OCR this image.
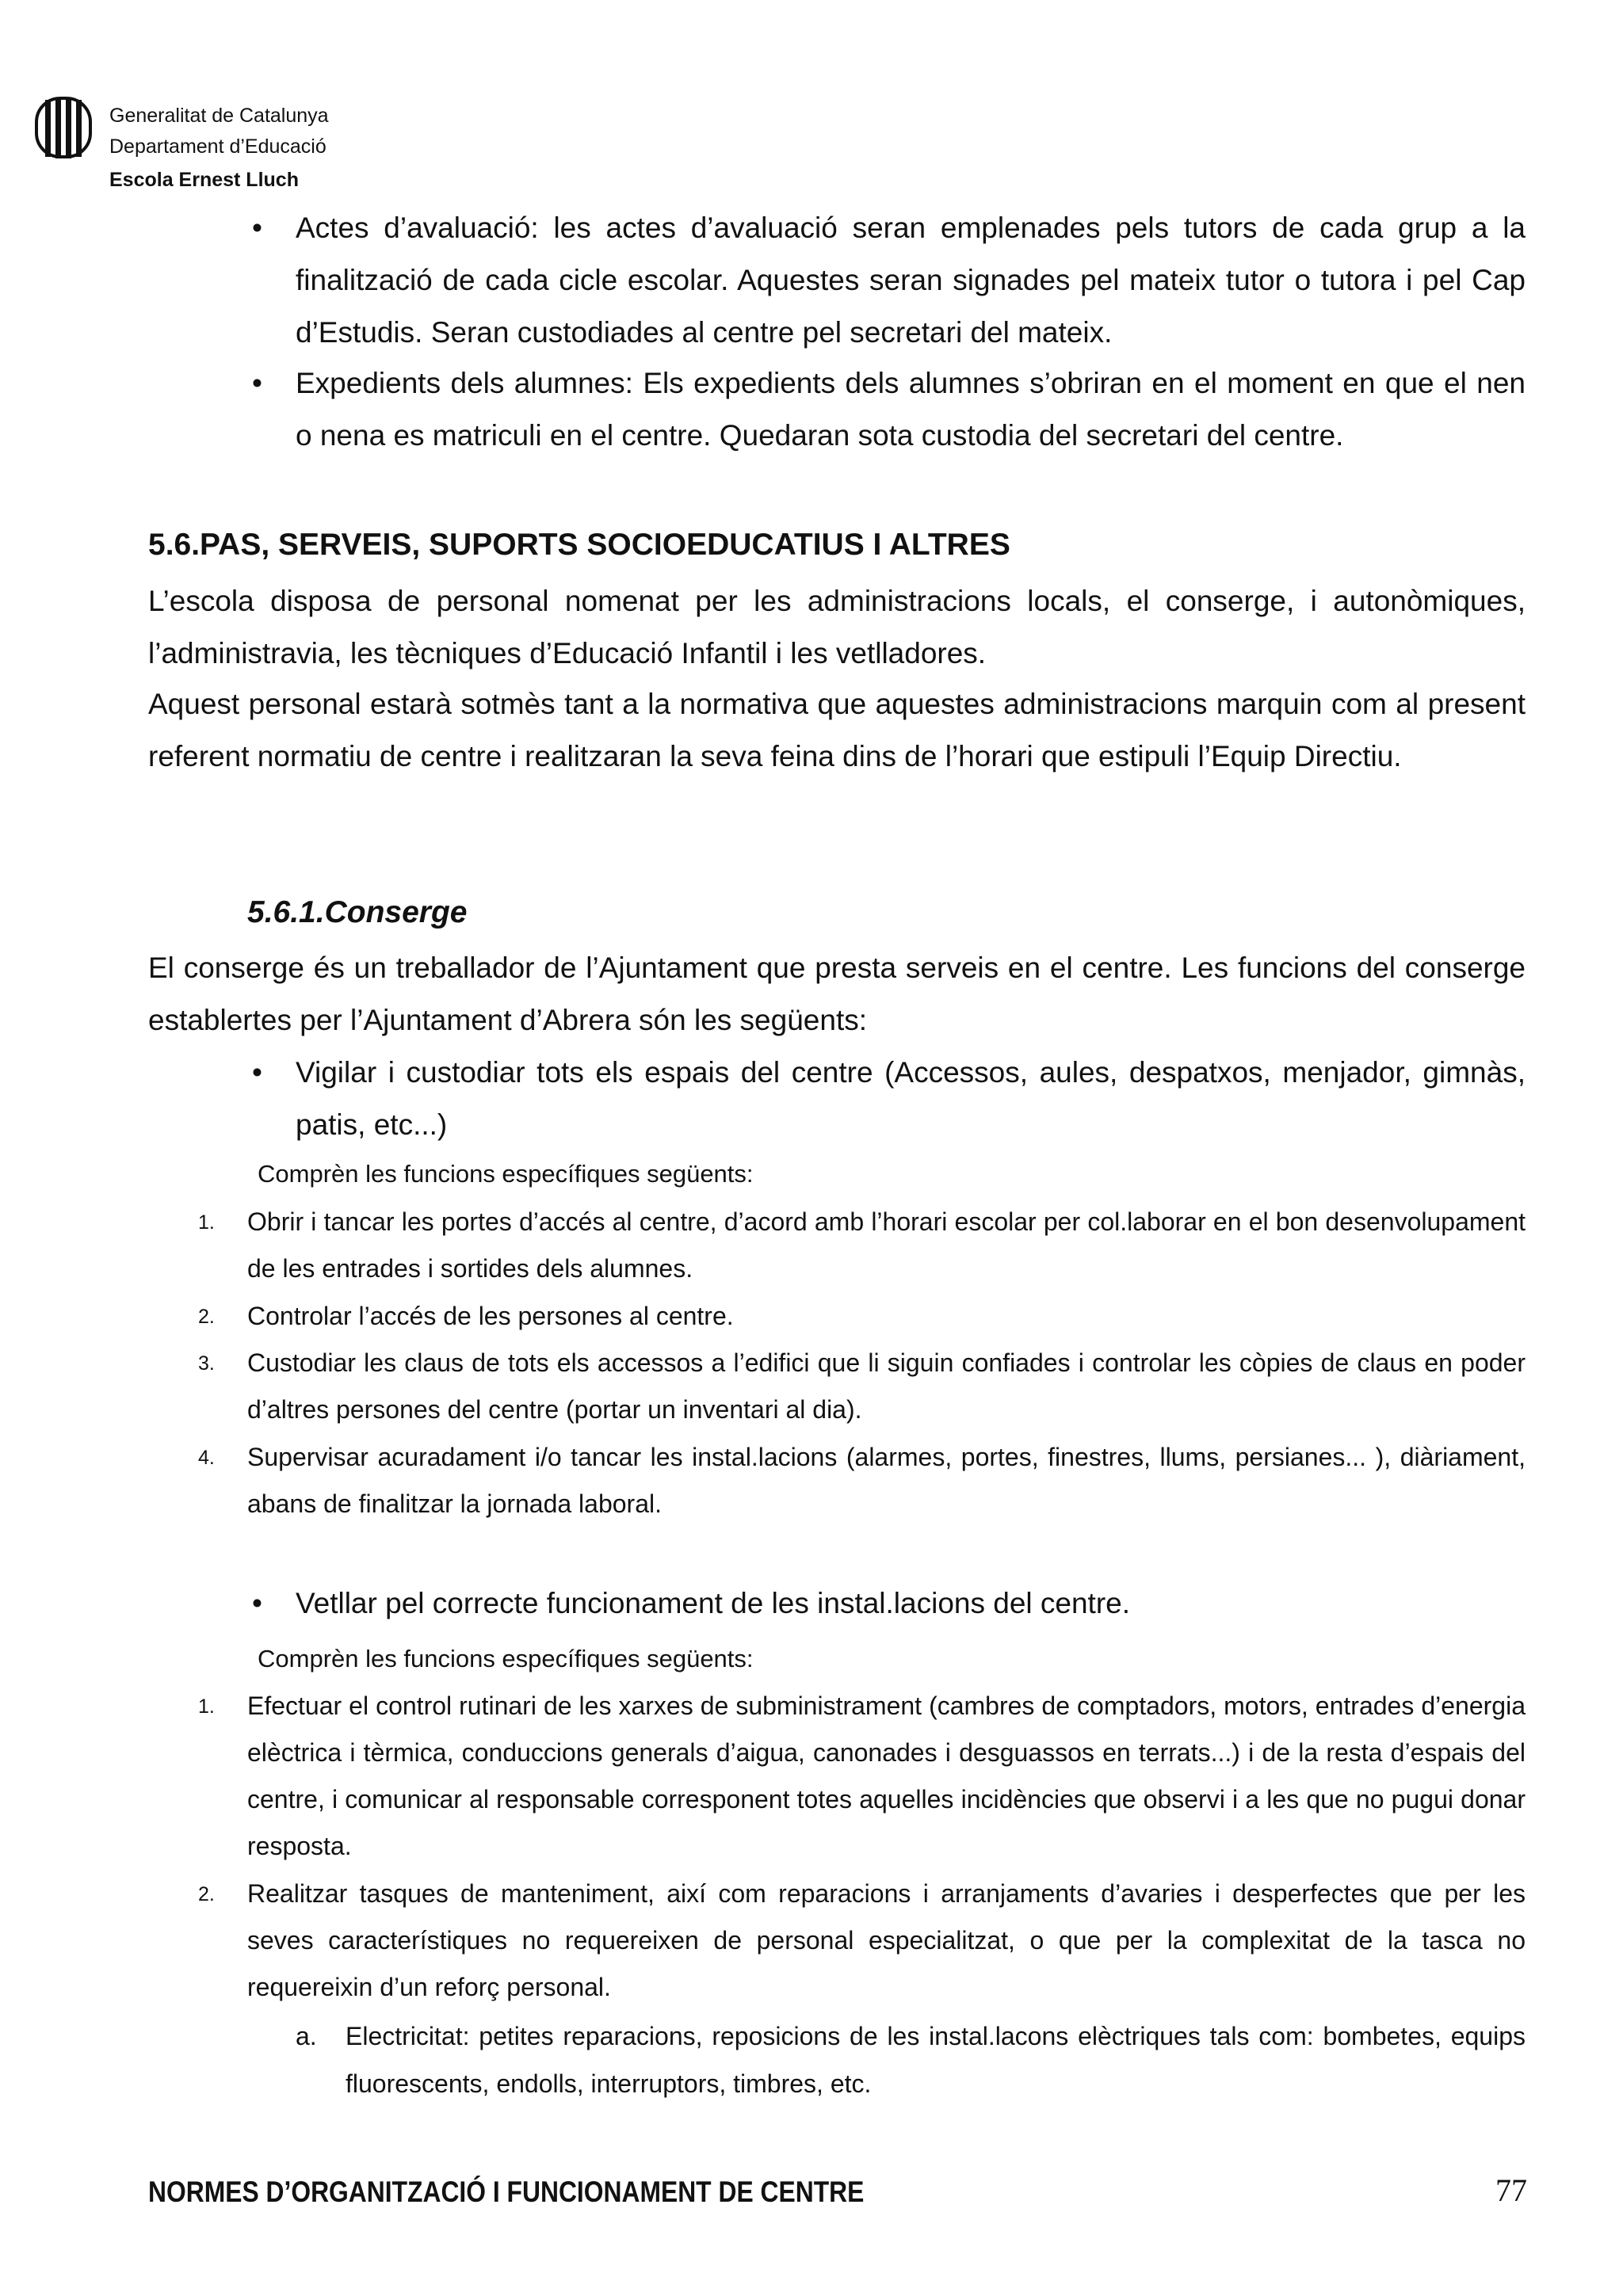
Generalitat de Catalunya
Departament d’Educació
Escola Ernest Lluch
• Actes d’avaluació: les actes d’avaluació seran emplenades pels tutors de cada grup a la finalització de cada cicle escolar. Aquestes seran signades pel mateix tutor o tutora i pel Cap d’Estudis. Seran custodiades al centre pel secretari del mateix.
• Expedients dels alumnes: Els expedients dels alumnes s’obriran en el moment en que el nen o nena es matriculi en el centre. Quedaran sota custodia del secretari del centre.
5.6.PAS, SERVEIS, SUPORTS SOCIOEDUCATIUS I ALTRES
L’escola disposa de personal nomenat per les administracions locals, el conserge, i autonòmiques, l’administravia, les tècniques d’Educació Infantil i les vetlladores.
Aquest personal estarà sotmès tant a la normativa que aquestes administracions marquin com al present referent normatiu de centre i realitzaran la seva feina dins de l’horari que estipuli l’Equip Directiu.
5.6.1.Conserge
El conserge és un treballador de l’Ajuntament que presta serveis en el centre. Les funcions del conserge establertes per l’Ajuntament d’Abrera són les següents:
• Vigilar i custodiar tots els espais del centre (Accessos, aules, despatxos, menjador, gimnàs, patis, etc...)
Comprèn les funcions específiques següents:
1. Obrir i tancar les portes d’accés al centre, d’acord amb l’horari escolar per col.laborar en el bon desenvolupament de les entrades i sortides dels alumnes.
2. Controlar l’accés de les persones al centre.
3. Custodiar les claus de tots els accessos a l’edifici que li siguin confiades i controlar les còpies de claus en poder d’altres persones del centre (portar un inventari al dia).
4. Supervisar acuradament i/o tancar les instal.lacions (alarmes, portes, finestres, llums, persianes... ), diàriament, abans de finalitzar la jornada laboral.
• Vetllar pel correcte funcionament de les instal.lacions del centre.
Comprèn les funcions específiques següents:
1. Efectuar el control rutinari de les xarxes de subministrament (cambres de comptadors, motors, entrades d’energia elèctrica i tèrmica, conduccions generals d’aigua, canonades i desguassos en terrats...) i de la resta d’espais del centre, i comunicar al responsable corresponent totes aquelles incidències que observi i a les que no pugui donar resposta.
2. Realitzar tasques de manteniment, així com reparacions i arranjaments d’avaries i desperfectes que per les seves característiques no requereixen de personal especialitzat, o que per la complexitat de la tasca no requereixin d’un reforç personal.
a. Electricitat: petites reparacions, reposicions de les instal.lacons elèctriques tals com: bombetes, equips fluorescents, endolls, interruptors, timbres, etc.
NORMES D’ORGANITZACIÓ I FUNCIONAMENT DE CENTRE	77
